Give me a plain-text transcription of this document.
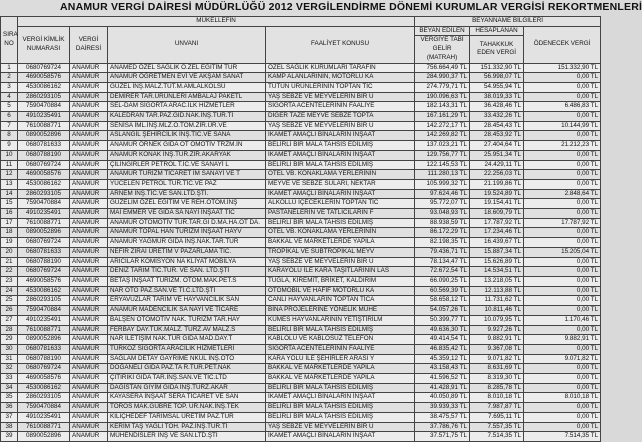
ANAMUR VERGİ DAİRESİ MÜDÜRLÜĞÜ 2012 VERGİLENDİRME DÖNEMİ KURUMLAR VERGİSİ REKORTMENLERİ
SIRA NO	MÜKELLEFİN				BEYANNAME BİLGİLERİ		
	VERGİ KİMLİK NUMARASI	VERGİ DAİRESİ	UNVANI	FAALİYET KONUSU	BEYAN EDİLEN	HESAPLANAN	ÖDENECEK VERGİ
					VERGİYE TABİ GELİR (MATRAH)	TAHAKKUK EDEN VERGİ	
1	0680769724	ANAMUR	ANAMED ÖZEL SAĞLIK Ö.ZEL EĞİTİM TUR	ÖZEL SAĞLIK KURUMLARI TARAFIN	756.664,49 TL	151.332,90 TL	151.332,90 TL
2	4690058576	ANAMUR	ANAMUR ÖĞRETMEN EVİ VE AKŞAM SANAT	KAMP ALANLARININ, MOTORLU KA	284.990,37 TL	56.998,07 TL	0,00 TL
3	4530086162	ANAMUR	GÜZEL İNŞ.MALZ.TÜT.M.AMLALKOLSÜ	TÜTÜN ÜRÜNLERİNİN TOPTAN TİC	274.779,71 TL	54.955,94 TL	0,00 TL
4	2860293105	ANAMUR	DEMİRER TAR.ÜRÜNLERİ AMBALAJ PAKETL	YAŞ SEBZE VE MEYVELERİN BİR U	190.096,63 TL	38.019,33 TL	0,00 TL
5	7590470884	ANAMUR	SEL-DAM SİGORTA ARAC.İLK HİZMETLER	SİGORTA ACENTELERİNİN FAALİYE	182.143,31 TL	36.428,46 TL	6.486,83 TL
6	4910235491	ANAMUR	KALEDRAN TAR.PAZ.GID.NAK.İNŞ.TUR.Tİ	DİĞER TAZE MEYVE SEBZE TOPTA	167.161,29 TL	33.432,26 TL	0,00 TL
7	7610088771	ANAMUR	SENİSA İML.İNŞ.MLZ.O.TOM.ZİR.ÜR.VE	YAŞ SEBZE VE MEYVELERİN BİR U	142.272,17 TL	28.454,43 TL	10.144,99 TL
8	0890052896	ANAMUR	ASLANGİL ŞEHİRCİLİK İNŞ.TİC.VE SANA	İKAMET AMAÇLI BİNALARIN İNŞAAT	142.269,82 TL	28.453,92 TL	0,00 TL
9	0680781633	ANAMUR	ANAMUR ÖRNEK GIDA OT OMOTİV TRZM.İN	BELİRLİ BİR MALA TAHSİS EDİLMİŞ	137.023,21 TL	27.404,64 TL	21.212,23 TL
10	0680788190	ANAMUR	ANAMUR KONAK İNŞ.TUR.ZİR.AKARYAK	İKAMET AMAÇLI BİNALARIN İNŞAAT	129.756,77 TL	25.951,34 TL	0,00 TL
11	0680769724	ANAMUR	ÇİLİNGİRLER PETROL T.İC.VE SANAYİ L	BELİRLİ BİR MALA TAHSİS EDİLMİŞ	122.145,53 TL	24.429,11 TL	0,00 TL
12	4690058576	ANAMUR	ANAMUR TURİZM TİCARET İM SANAYİ VE T	OTEL VB. KONAKLAMA YERLERİNİN	111.280,13 TL	22.256,03 TL	0,00 TL
13	4530086162	ANAMUR	YÜCELEN PETROL TUR.TİC.VE PAZ	MEYVE VE SEBZE SULARI, NEKTAR	105.999,32 TL	21.199,86 TL	0,00 TL
14	2860293105	ANAMUR	ARNEM İNŞ.TİC.VE SAN.LTD.ŞTİ.	İKAMET AMAÇLI BİNALARIN İNŞAAT	97.624,46 TL	19.524,89 TL	2.848,64 TL
15	7590470884	ANAMUR	GÜZELIM ÖZEL EĞİTİM VE REH.OTOM.İNŞ	ALKOLLÜ İÇECEKLERİN TOPTAN TİC	95.772,07 TL	19.154,41 TL	0,00 TL
16	4910235491	ANAMUR	MAİ EMMER VE GIDA SA NAYİ İNŞAAT TİC	PASTANELERİN VE TATLICILARIN F	93.048,93 TL	18.609,79 TL	0,00 TL
17	7610088771	ANAMUR	ANAMUR OTOMOTİV TUR.TAR.GI D.MA.HA.OT DA.	BELİRLİ BİR MALA TAHSİS EDİLMİŞ	88.938,59 TL	17.787,92 TL	17.787,92 TL
18	0890052896	ANAMUR	ANAMUR TOPAL HAN TURİZM İNŞAAT HAYV	OTEL VB. KONAKLAMA YERLERİNİN	86.172,29 TL	17.234,46 TL	0,00 TL
19	0680769724	ANAMUR	ANAMUR YAĞMUR GIDA İNŞ.NAK.TAR.TUR	BAKKAL VE MARKETLERDE YAPILA	82.198,35 TL	16.439,67 TL	0,00 TL
20	0680781633	ANAMUR	NEFİR ZİRAİ ÜRETİM V PAZARLAMA TİC.	TROPİKAL VE SUBTROPİKAL MEYV	79.436,71 TL	15.887,34 TL	15.205,04 TL
21	0680788190	ANAMUR	ARICILAR KOMİSYON NA KLİYAT MOBİLYA	YAŞ SEBZE VE MEYVELERİN BİR U	78.134,47 TL	15.626,89 TL	0,00 TL
22	0680769724	ANAMUR	DENİZ TARIM TİC.TUR. VE SAN. LTD.ŞTİ	KARAYOLU İLE KARA TAŞITLARININ LAS	72.672,54 TL	14.534,51 TL	0,00 TL
23	4690058576	ANAMUR	BETAŞ İNŞAAT TURİZM. OTOM.MAK.PET.S	TUĞLA, KİREMİT, BRİKET, KALDIRIM	66.090,25 TL	13.218,05 TL	0,00 TL
24	4530086162	ANAMUR	NAR OTO PAZ.SAN.VE Tİ.C.LTD.ŞTİ	OTOMOBİL VE HAFİF MOTORLU KA	60.569,39 TL	12.113,88 TL	0,00 TL
25	2860293105	ANAMUR	ERYAVUZLAR TARIM VE HAYVANCILIK SAN	CANLI HAYVANLARIN TOPTAN TİCA	58.658,12 TL	11.731,62 TL	0,00 TL
26	7590470884	ANAMUR	ANAMUR MADENCİLİK SA NAYİ VE TİCARE	BİNA PROJELERİNE YÖNELİK MÜHE	54.057,26 TL	10.811,46 TL	0,00 TL
27	4910235491	ANAMUR	BALŞEN OTOMOTİV NAK. TURİZM TAR.HAY	KÜMES HAYVANLARININ YETİŞTİRİLM	50.399,77 TL	10.079,95 TL	1.170,46 TL
28	7610088771	ANAMUR	FERBAY DAY.TÜK.MALZ. TURZ.AV MALZ.S	BELİRLİ BİR MALA TAHSİS EDİLMİŞ	49.636,30 TL	9.927,26 TL	0,00 TL
29	0890052896	ANAMUR	NAR İLETİŞİM NAK.TUR GIDA MAD.DAY.T	KABLOLU VE KABLOSUZ TELEFON	49.414,54 TL	9.882,91 TL	9.882,91 TL
30	0680781633	ANAMUR	TÜRKOZ SİGORTA ARACILIK HİZMETLERİ	SİGORTA ACENTELERİNİN FAALİYE	46.835,42 TL	9.367,08 TL	0,00 TL
31	0680788190	ANAMUR	SAĞLAM DETAY GAYRİME NKUL İNŞ.OTO	KARA YOLU İLE ŞEHİRLER ARASI Y	45.359,12 TL	9.071,82 TL	9.071,82 TL
32	0680769724	ANAMUR	DOĞANELİ GIDA PAZ.TA R.TUR.PET.NAK	BAKKAL VE MARKETLERDE YAPILA	43.158,43 TL	8.631,69 TL	0,00 TL
33	4690058576	ANAMUR	ÇITIRIKİ GIDA TAR.İNŞ.SAN.VE TİC.LTD	BAKKAL VE MARKETLERDE YAPILA	41.596,52 TL	8.319,30 TL	0,00 TL
34	4530086162	ANAMUR	DAĞİSTAN GIYİM GIDA İNŞ.TURZ.AKAR	BELİRLİ BİR MALA TAHSİS EDİLMİŞ	41.428,91 TL	8.285,78 TL	0,00 TL
35	2860293105	ANAMUR	KAYASERA İNŞAAT SERA TİCARET VE SAN	İKAMET AMAÇLI BİNALARIN İNŞAAT	40.050,89 TL	8.010,18 TL	8.010,18 TL
36	7590470884	ANAMUR	TOROS MAK.GÜBRE TOP. UR.NAK.İNŞ.TEK	BELİRLİ BİR MALA TAHSİS EDİLMİŞ	39.939,33 TL	7.987,87 TL	0,00 TL
37	4910235491	ANAMUR	KILIÇHEDEF TARIMSAL ÜRETİM PAZ.TUR	BELİRLİ BİR MALA TAHSİS EDİLMİŞ	38.475,57 TL	7.695,11 TL	0,00 TL
38	7610088771	ANAMUR	KERİM TAŞ YAĞLI TOH. PAZ.İNŞ.TUR.Tİ	YAŞ SEBZE VE MEYVELERİN BİR U	37.786,76 TL	7.557,35 TL	0,00 TL
39	0890052896	ANAMUR	MÜHENDİSLER İNŞ VE SAN.LTD.ŞTİ	İKAMET AMAÇLI BİNALARIN İNŞAAT	37.571,75 TL	7.514,35 TL	7.514,35 TL
